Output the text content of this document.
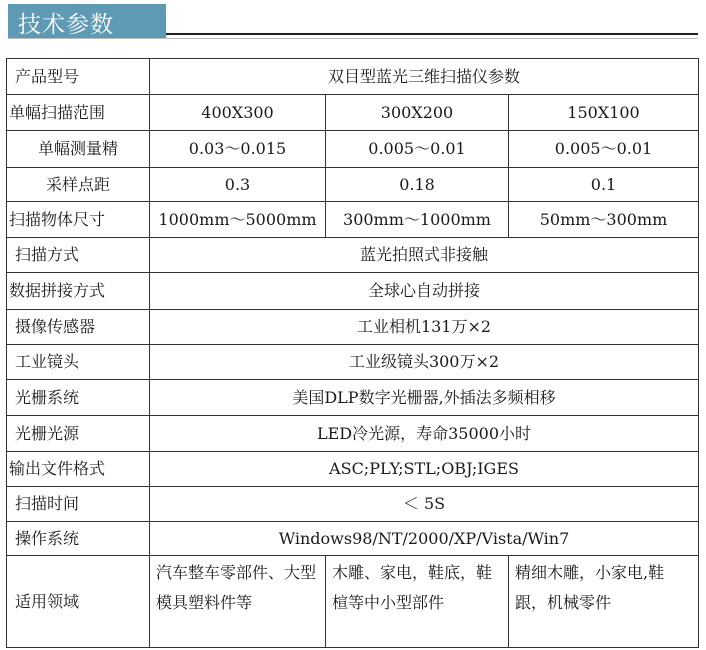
技术参数
产品型号	双目型蓝光三维扫描仪参数		
单幅扫描范围	400X300	300X200	150X100
单幅测量精	0.03～0.015	0.005～0.01	0.005～0.01
采样点距	0.3	0.18	0.1
扫描物体尺寸	1000mm～5000mm	300mm～1000mm	50mm～300mm
扫描方式	蓝光拍照式非接触		
数据拼接方式	全球心自动拼接		
摄像传感器	工业相机131万×2		
工业镜头	工业级镜头300万×2		
光栅系统	美国DLP数字光栅器,外插法多频相移		
光栅光源	LED冷光源，寿命35000小时		
输出文件格式	ASC;PLY;STL;OBJ;IGES		
扫描时间	＜ 5S		
操作系统	Windows98/NT/2000/XP/Vista/Win7		
适用领域	汽车整车零部件、大型模具塑料件等	木雕、家电，鞋底，鞋楦等中小型部件	精细木雕，小家电,鞋跟，机械零件
